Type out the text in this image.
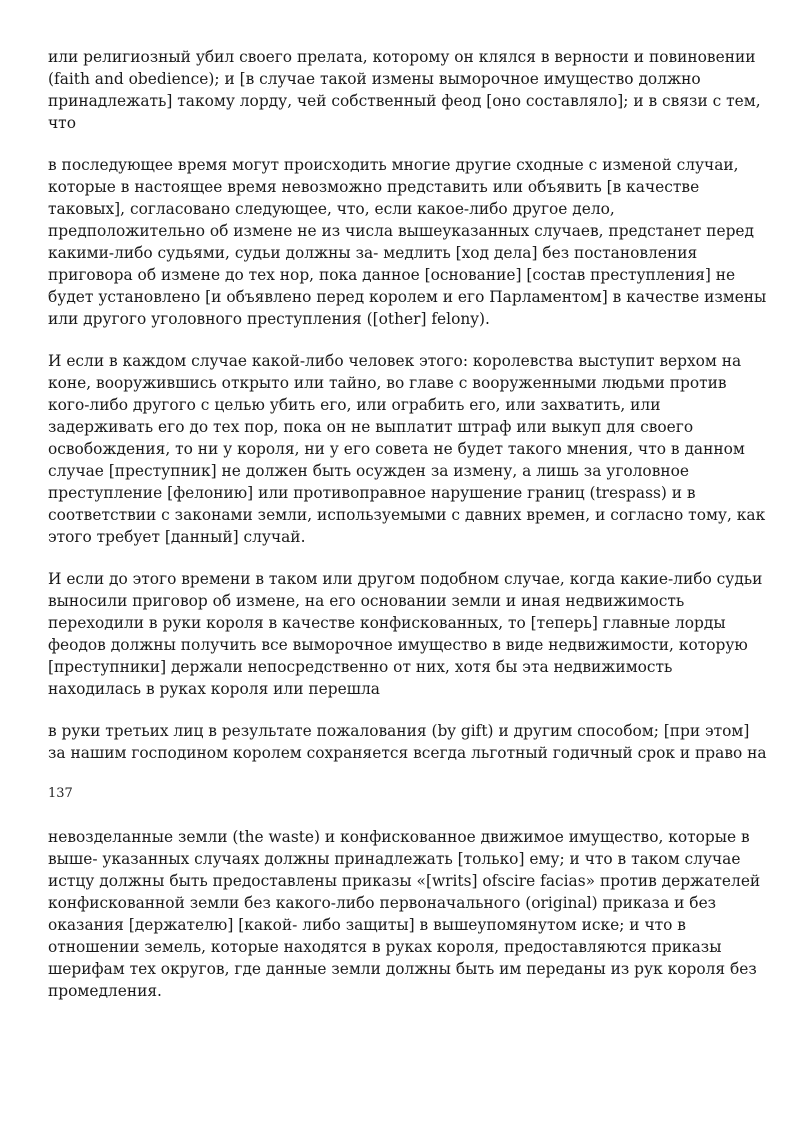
или религиозный убил своего прелата, которому он клялся в верности и повиновении (faith and obedience); и [в случае такой измены выморочное имущество должно принадлежать] такому лорду, чей собственный феод [оно составляло]; и в связи с тем, что

в последующее время могут происходить многие другие сходные с изменой случаи, которые в настоящее время невозможно представить или объявить [в качестве таковых], согласовано следующее, что, если какое-либо другое дело, предположительно об измене не из числа вышеуказанных случаев, предстанет перед какими-либо судьями, судьи должны за- медлить [ход дела] без постановления приговора об измене до тех нор, пока данное [основание] [состав преступления] не будет установлено [и объявлено перед королем и его Парламентом] в качестве измены или другого уголовного преступления ([other] felony).

И если в каждом случае какой-либо человек этого: королевства выступит верхом на коне, вооружившись открыто или тайно, во главе с вооруженными людьми против кого-либо другого с целью убить его, или ограбить его, или захватить, или задерживать его до тех пор, пока он не выплатит штраф или выкуп для своего освобождения, то ни у короля, ни у его совета не будет такого мнения, что в данном случае [преступник] не должен быть осужден за измену, а лишь за уголовное преступление [фелонию] или противоправное нарушение границ (trespass) и в соответствии с законами земли, используемыми с давних времен, и согласно тому, как этого требует [данный] случай.

И если до этого времени в таком или другом подобном случае, когда какие-либо судьи выносили приговор об измене, на его основании земли и иная недвижимость переходили в руки короля в качестве конфискованных, то [теперь] главные лорды феодов должны получить все выморочное имущество в виде недвижимости, которую [преступники] держали непосредственно от них, хотя бы эта недвижимость находилась в руках короля или перешла

в руки третьих лиц в результате пожалования (by gift) и другим способом; [при этом] за нашим господином королем сохраняется всегда льготный годичный срок и право на

137

невозделанные земли (the waste) и конфискованное движимое имущество, которые в выше- указанных случаях должны принадлежать [только] ему; и что в таком случае истцу должны быть предоставлены приказы «[writs] ofscire facias» против держателей конфискованной земли без какого-либо первоначального (original) приказа и без оказания [держателю] [какой- либо защиты] в вышеупомянутом иске; и что в отношении земель, которые находятся в руках короля, предоставляются приказы шерифам тех округов, где данные земли должны быть им переданы из рук короля без промедления.
